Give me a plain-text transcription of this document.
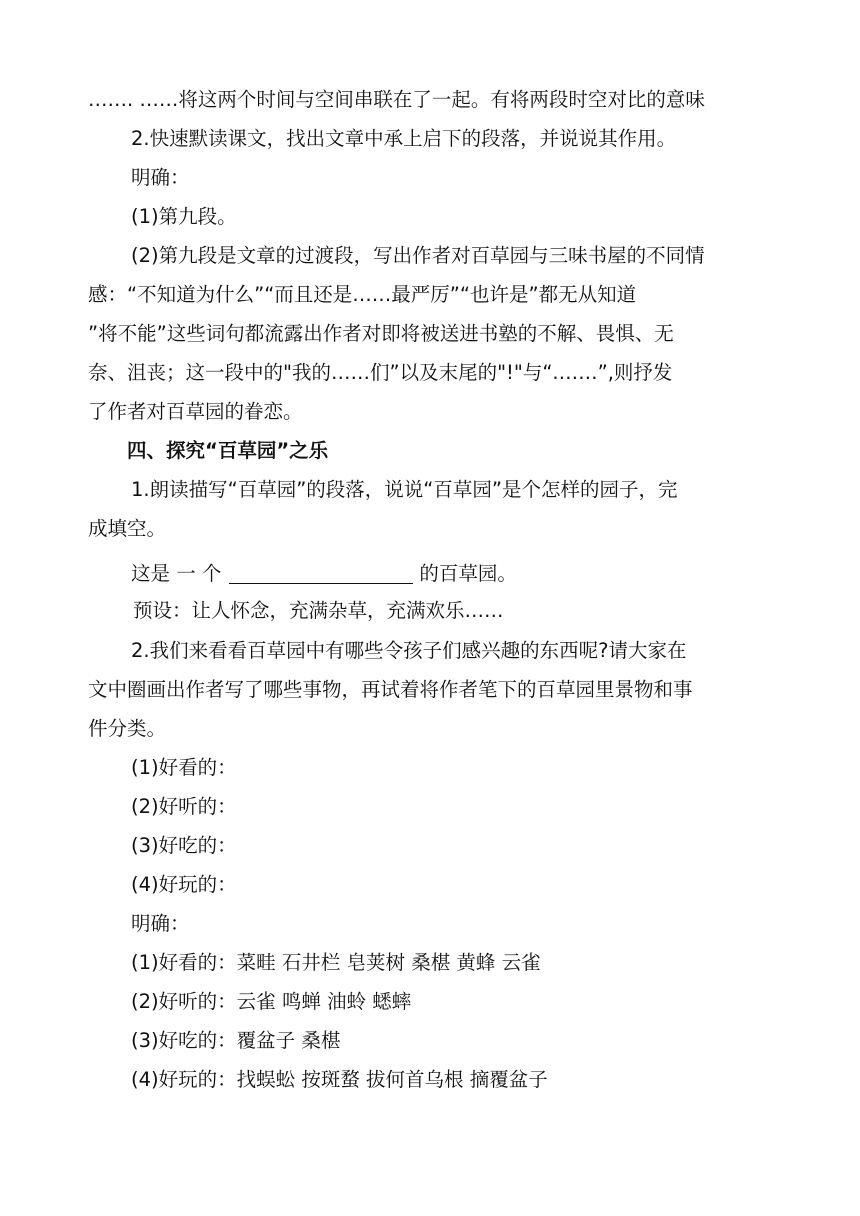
……. ……将这两个时间与空间串联在了一起。有将两段时空对比的意味
2.快速默读课文，找出文章中承上启下的段落，并说说其作用。
明确：
(1)第九段。
(2)第九段是文章的过渡段，写出作者对百草园与三味书屋的不同情
感：“不知道为什么”“而且还是……最严厉”“也许是”都无从知道
”将不能”这些词句都流露出作者对即将被送进书塾的不解、畏惧、无
奈、沮丧；这一段中的"我的……们”以及末尾的"!"与“.……”,则抒发
了作者对百草园的眷恋。
四、探究“百草园”之乐
1.朗读描写“百草园”的段落，说说“百草园”是个怎样的园子，完
成填空。
这是 一 个	的百草园。
预设：让人怀念，充满杂草，充满欢乐……
2.我们来看看百草园中有哪些令孩子们感兴趣的东西呢?请大家在
文中圈画出作者写了哪些事物，再试着将作者笔下的百草园里景物和事
件分类。
(1)好看的：
(2)好听的：
(3)好吃的：
(4)好玩的：
明确：
(1)好看的：菜畦 石井栏 皂荚树 桑椹 黄蜂 云雀
(2)好听的：云雀 鸣蝉 油蛉 蟋蟀
(3)好吃的：覆盆子 桑椹
(4)好玩的：找蜈蚣 按斑蝥 拔何首乌根 摘覆盆子
